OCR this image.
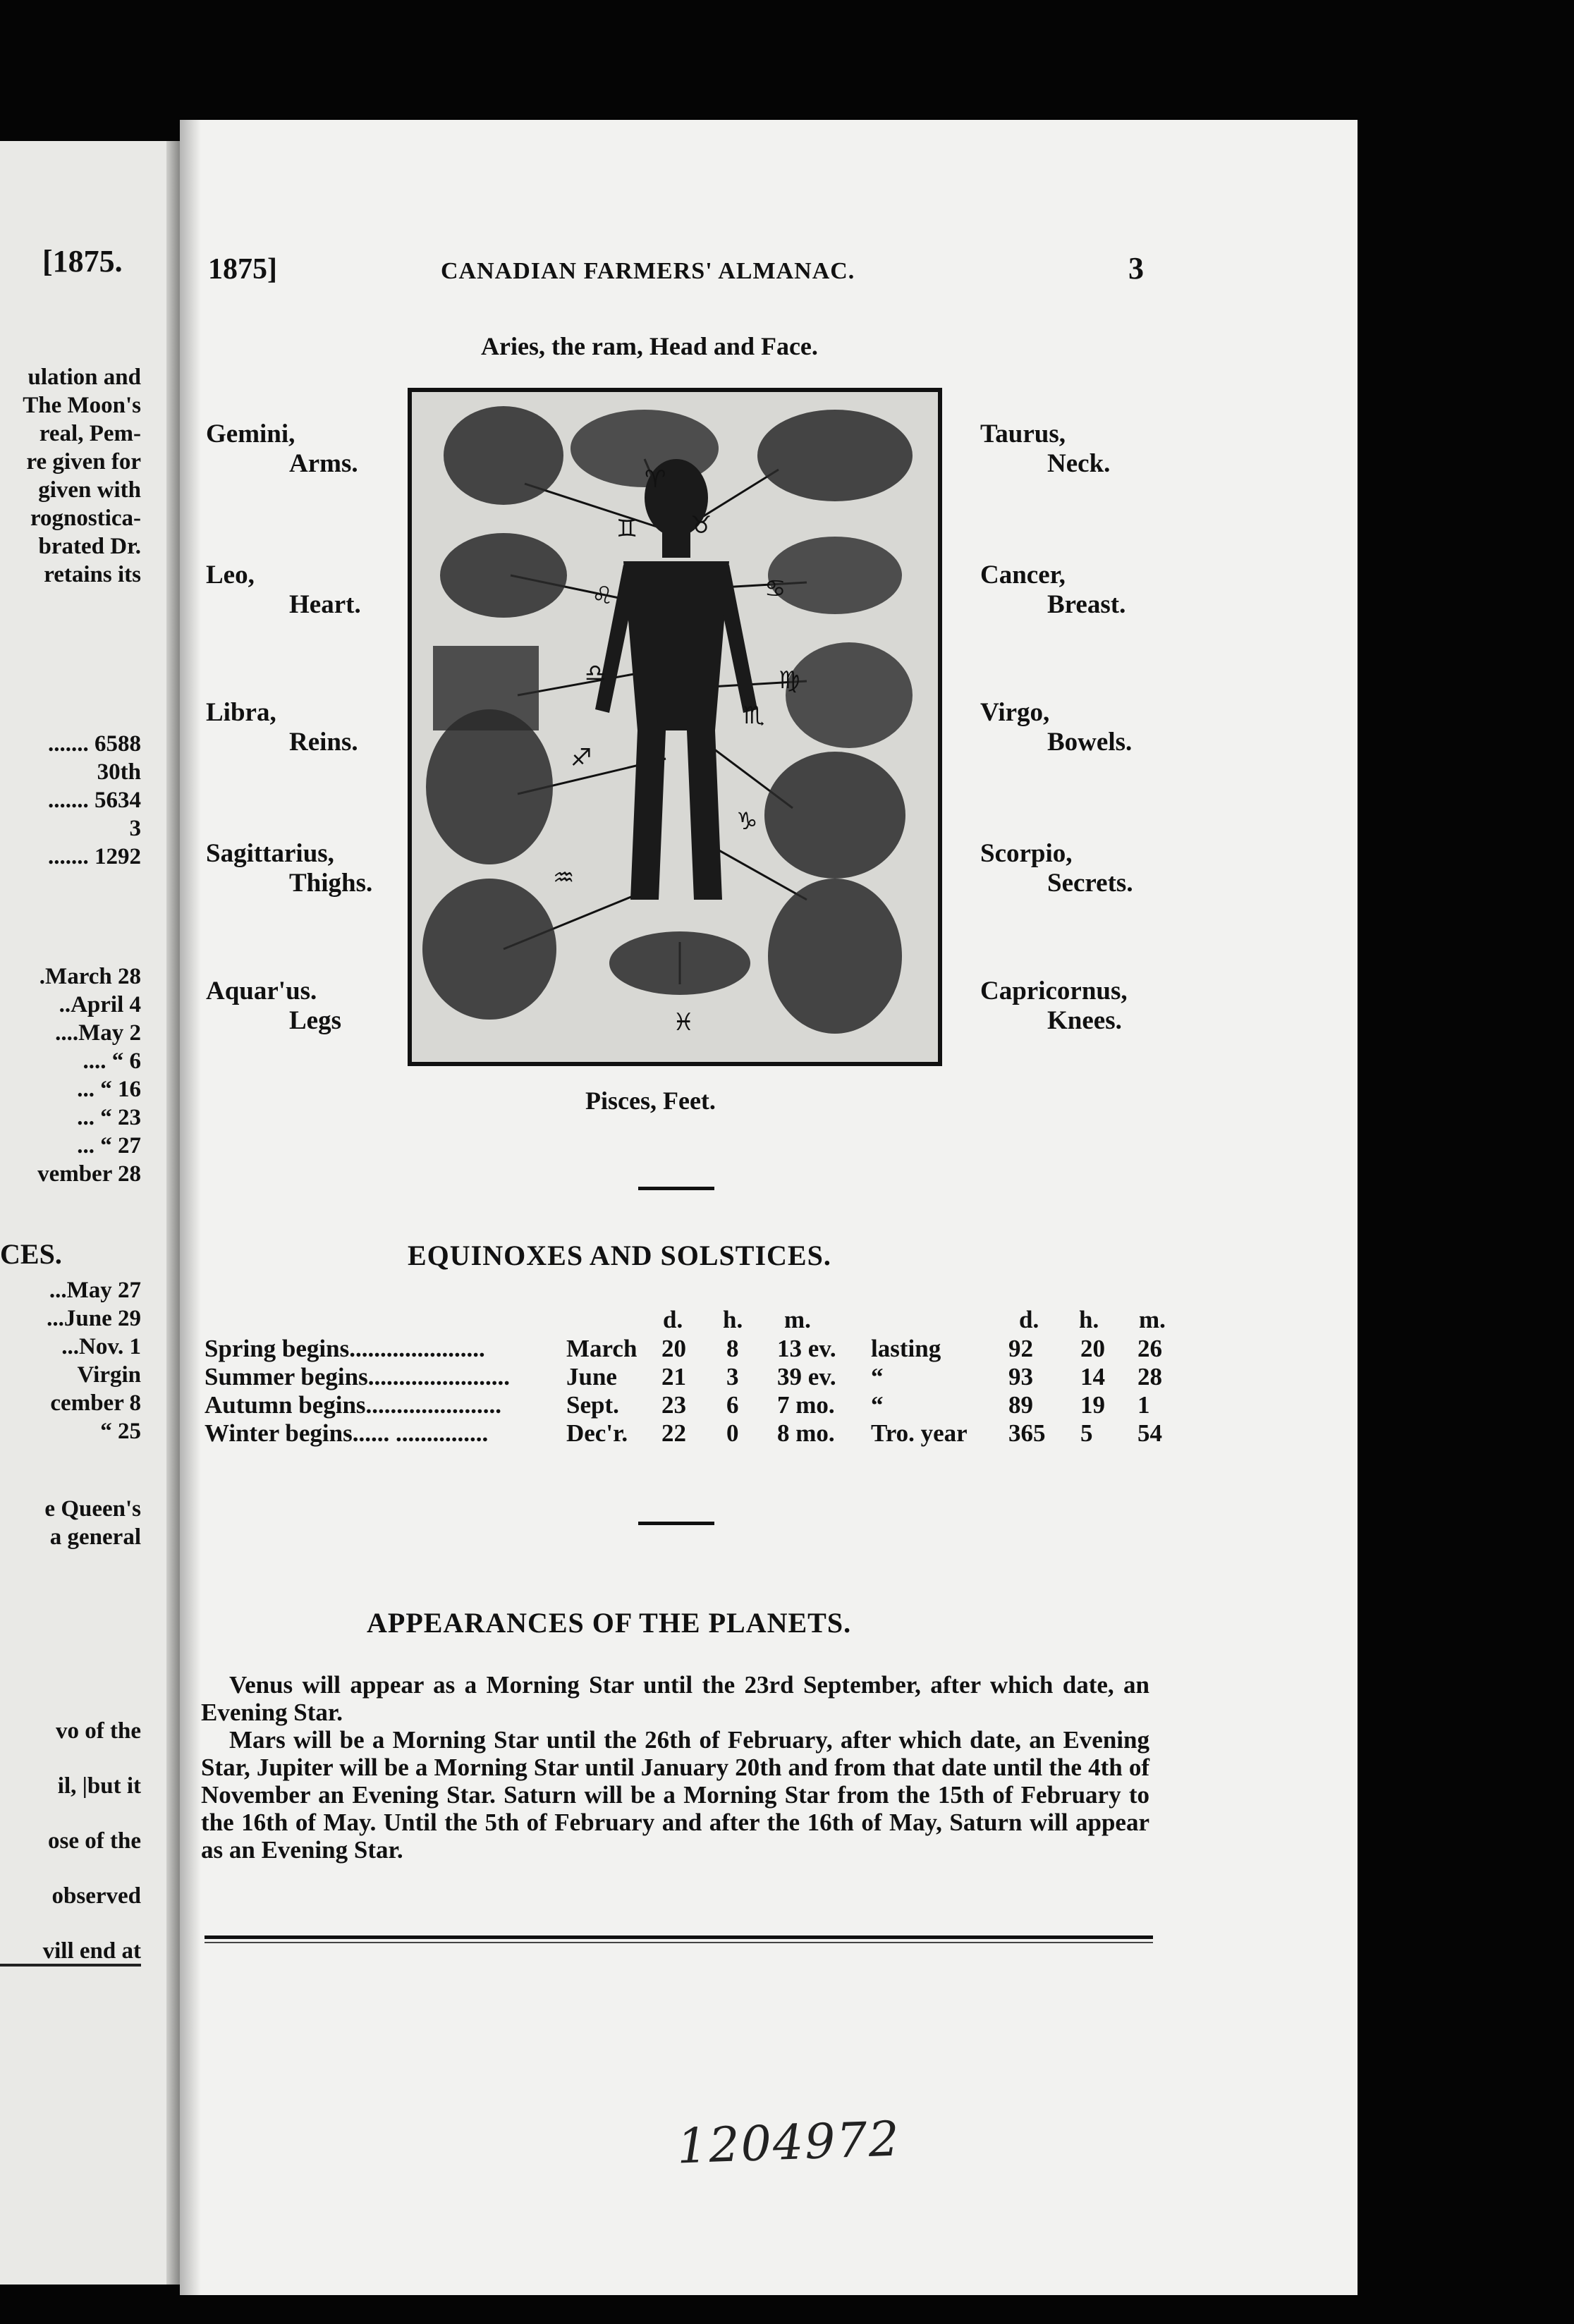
[1875.
ulation and
The Moon's
real, Pem-
re given for
given with
rognostica-
brated Dr.
retains its
....... 6588
30th
....... 5634
3
....... 1292
.March 28
..April 4
....May 2
.... “ 6
... “ 16
... “ 23
... “ 27
vember 28
CES.
...May 27
...June 29
...Nov. 1
Virgin
cember 8
“ 25
e Queen's
a general
vo of the
il, |but it
ose of the
observed
vill end at
1875]	CANADIAN FARMERS' ALMANAC.	3
Aries, the ram, Head and Face.
♈
♉
♊
♋
♌
♍
♎
♏
♐
♑
♒
♓
Gemini,
Arms.
Leo,
Heart.
Libra,
Reins.
Sagittarius,
Thighs.
Aquar'us.
Legs
Taurus,
Neck.
Cancer,
Breast.
Virgo,
Bowels.
Scorpio,
Secrets.
Capricornus,
Knees.
Pisces, Feet.
EQUINOXES AND SOLSTICES.
d. h. m.	d. h. m.
Spring begins......................	March 20 8 13 ev. lasting	92 20 26
Summer begins....................... June 21 3 39 ev. “	93 14 28
Autumn begins......................	Sept. 23 6 7 mo. “	89 19 1
Winter begins...... ...............	Dec'r. 22 0 8 mo. Tro. year 365 5 54
APPEARANCES OF THE PLANETS.

Venus will appear as a Morning Star until the 23rd September, after which date, an Evening Star.

Mars will be a Morning Star until the 26th of February, after which date, an Evening Star, Jupiter will be a Morning Star until January 20th and from that date until the 4th of November an Evening Star. Saturn will be a Morning Star from the 15th of February to the 16th of May. Until the 5th of February and after the 16th of May, Saturn will appear as an Evening Star.

1204972
